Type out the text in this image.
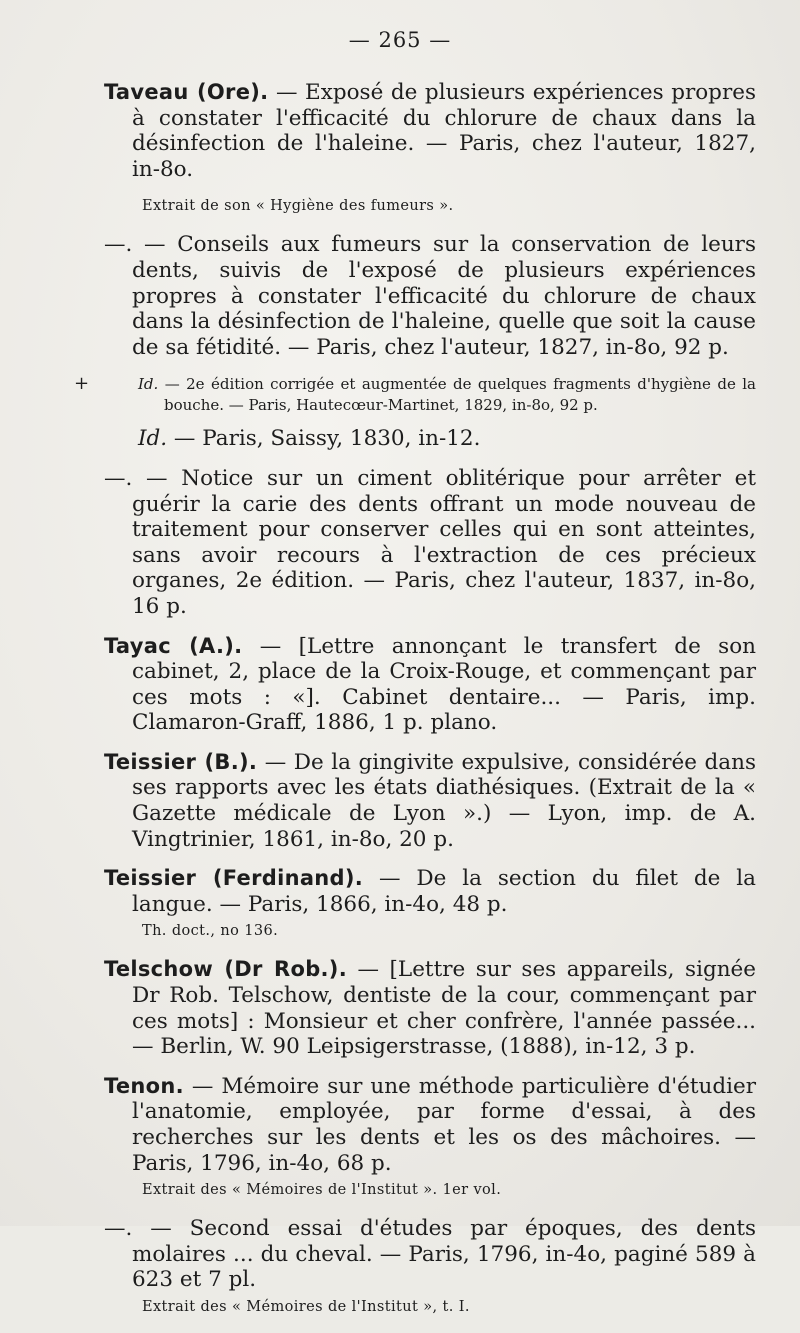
— 265 —

Taveau (Ore). — Exposé de plusieurs expériences propres à constater l'efficacité du chlorure de chaux dans la désinfection de l'haleine. — Paris, chez l'auteur, 1827, in-8o.

Extrait de son « Hygiène des fumeurs ».

—. — Conseils aux fumeurs sur la conservation de leurs dents, suivis de l'exposé de plusieurs expériences propres à constater l'efficacité du chlorure de chaux dans la désinfection de l'haleine, quelle que soit la cause de sa fétidité. — Paris, chez l'auteur, 1827, in-8o, 92 p.

+	Id. — 2e édition corrigée et augmentée de quelques fragments d'hygiène de la bouche. — Paris, Hautecœur-Martinet, 1829, in-8o, 92 p.
Id. — Paris, Saissy, 1830, in-12.

—. — Notice sur un ciment oblitérique pour arrêter et guérir la carie des dents offrant un mode nouveau de traitement pour conserver celles qui en sont atteintes, sans avoir recours à l'extraction de ces précieux organes, 2e édition. — Paris, chez l'auteur, 1837, in-8o, 16 p.

Tayac (A.). — [Lettre annonçant le transfert de son cabinet, 2, place de la Croix-Rouge, et commençant par ces mots : «]. Cabinet dentaire... — Paris, imp. Clamaron-Graff, 1886, 1 p. plano.

Teissier (B.). — De la gingivite expulsive, considérée dans ses rapports avec les états diathésiques. (Extrait de la « Gazette médicale de Lyon ».) — Lyon, imp. de A. Vingtrinier, 1861, in-8o, 20 p.

Teissier (Ferdinand). — De la section du filet de la langue. — Paris, 1866, in-4o, 48 p.

Th. doct., no 136.

Telschow (Dr Rob.). — [Lettre sur ses appareils, signée Dr Rob. Telschow, dentiste de la cour, commençant par ces mots] : Monsieur et cher confrère, l'année passée... — Berlin, W. 90 Leipsigerstrasse, (1888), in-12, 3 p.

Tenon. — Mémoire sur une méthode particulière d'étudier l'anatomie, employée, par forme d'essai, à des recherches sur les dents et les os des mâchoires. — Paris, 1796, in-4o, 68 p.

Extrait des « Mémoires de l'Institut ». 1er vol.

—. — Second essai d'études par époques, des dents molaires ... du cheval. — Paris, 1796, in-4o, paginé 589 à 623 et 7 pl.

Extrait des « Mémoires de l'Institut », t. I.
